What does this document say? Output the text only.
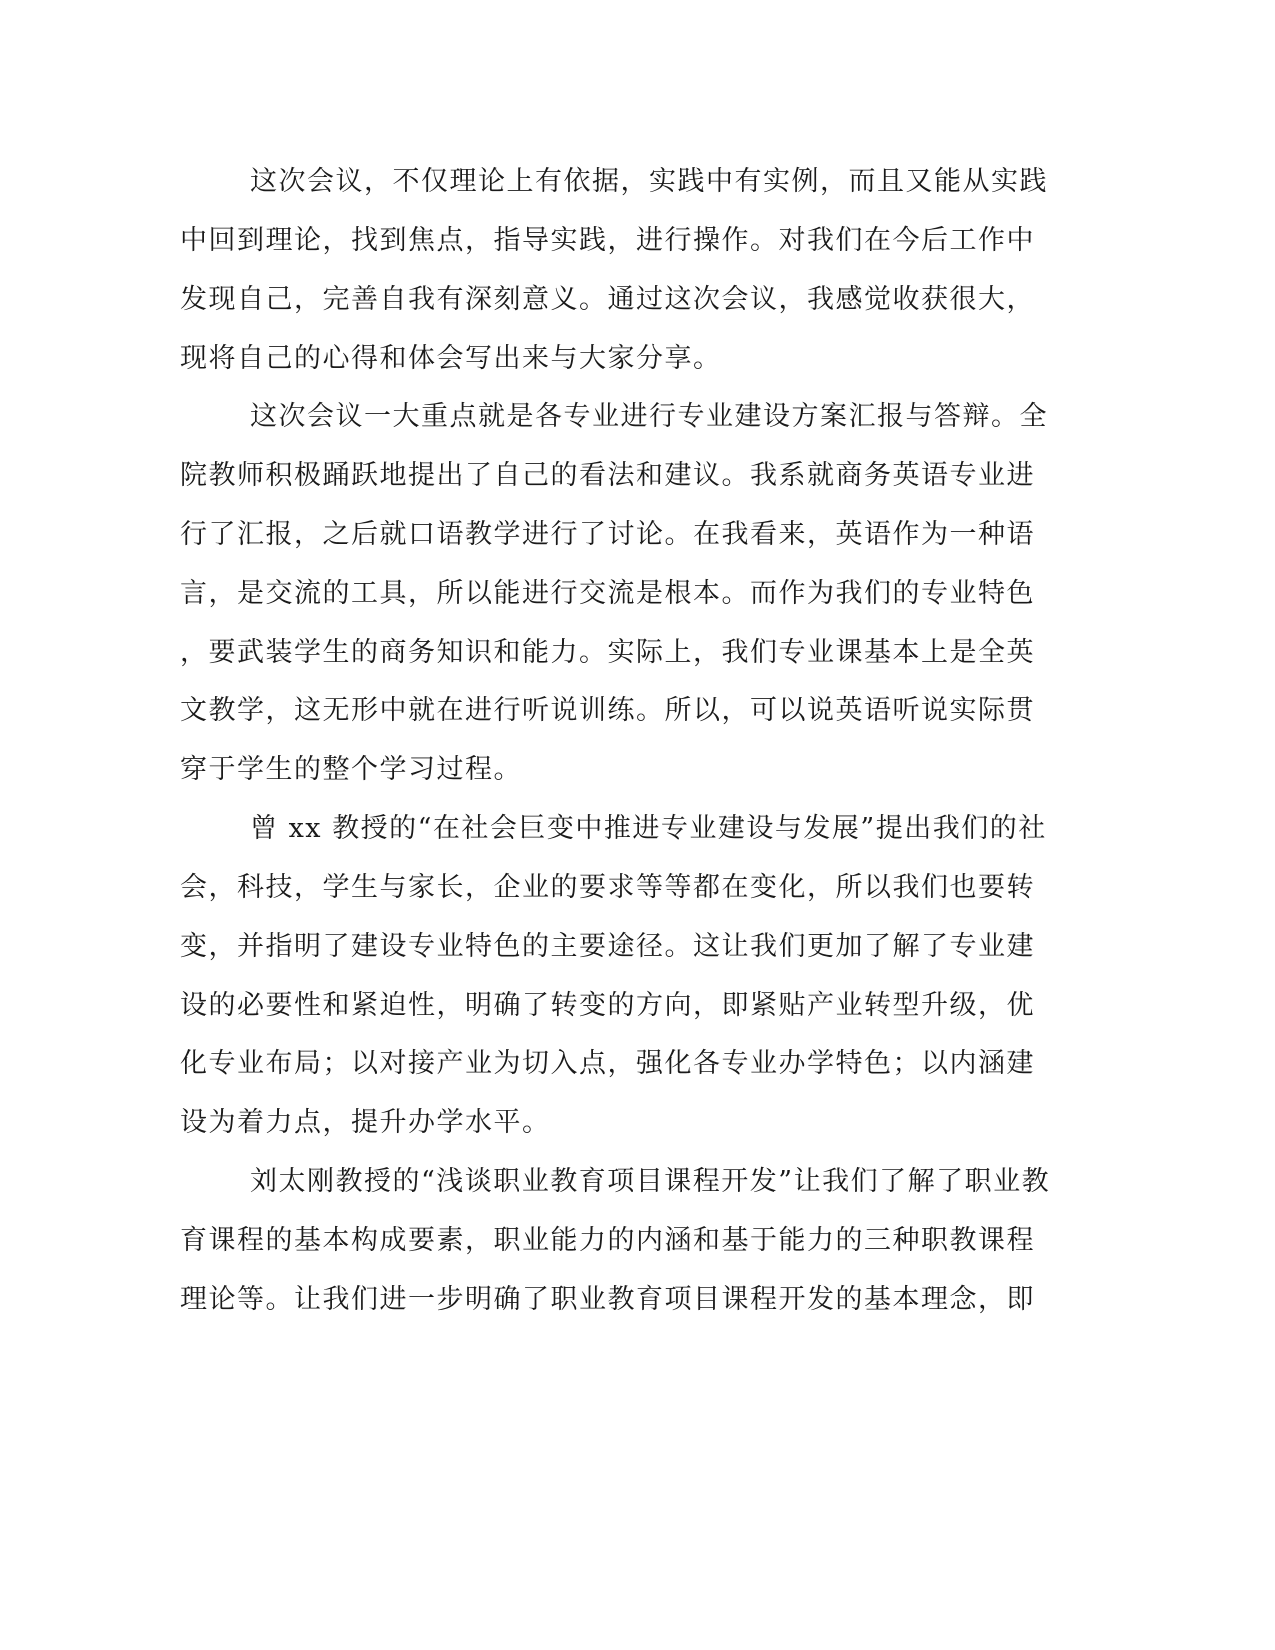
这次会议，不仅理论上有依据，实践中有实例，而且又能从实践
中回到理论，找到焦点，指导实践，进行操作。对我们在今后工作中
发现自己，完善自我有深刻意义。通过这次会议，我感觉收获很大，
现将自己的心得和体会写出来与大家分享。
这次会议一大重点就是各专业进行专业建设方案汇报与答辩。全
院教师积极踊跃地提出了自己的看法和建议。我系就商务英语专业进
行了汇报，之后就口语教学进行了讨论。在我看来，英语作为一种语
言，是交流的工具，所以能进行交流是根本。而作为我们的专业特色
，要武装学生的商务知识和能力。实际上，我们专业课基本上是全英
文教学，这无形中就在进行听说训练。所以，可以说英语听说实际贯
穿于学生的整个学习过程。
曾 xx 教授的“在社会巨变中推进专业建设与发展”提出我们的社
会，科技，学生与家长，企业的要求等等都在变化，所以我们也要转
变，并指明了建设专业特色的主要途径。这让我们更加了解了专业建
设的必要性和紧迫性，明确了转变的方向，即紧贴产业转型升级，优
化专业布局；以对接产业为切入点，强化各专业办学特色；以内涵建
设为着力点，提升办学水平。
刘太刚教授的“浅谈职业教育项目课程开发”让我们了解了职业教
育课程的基本构成要素，职业能力的内涵和基于能力的三种职教课程
理论等。让我们进一步明确了职业教育项目课程开发的基本理念，即
